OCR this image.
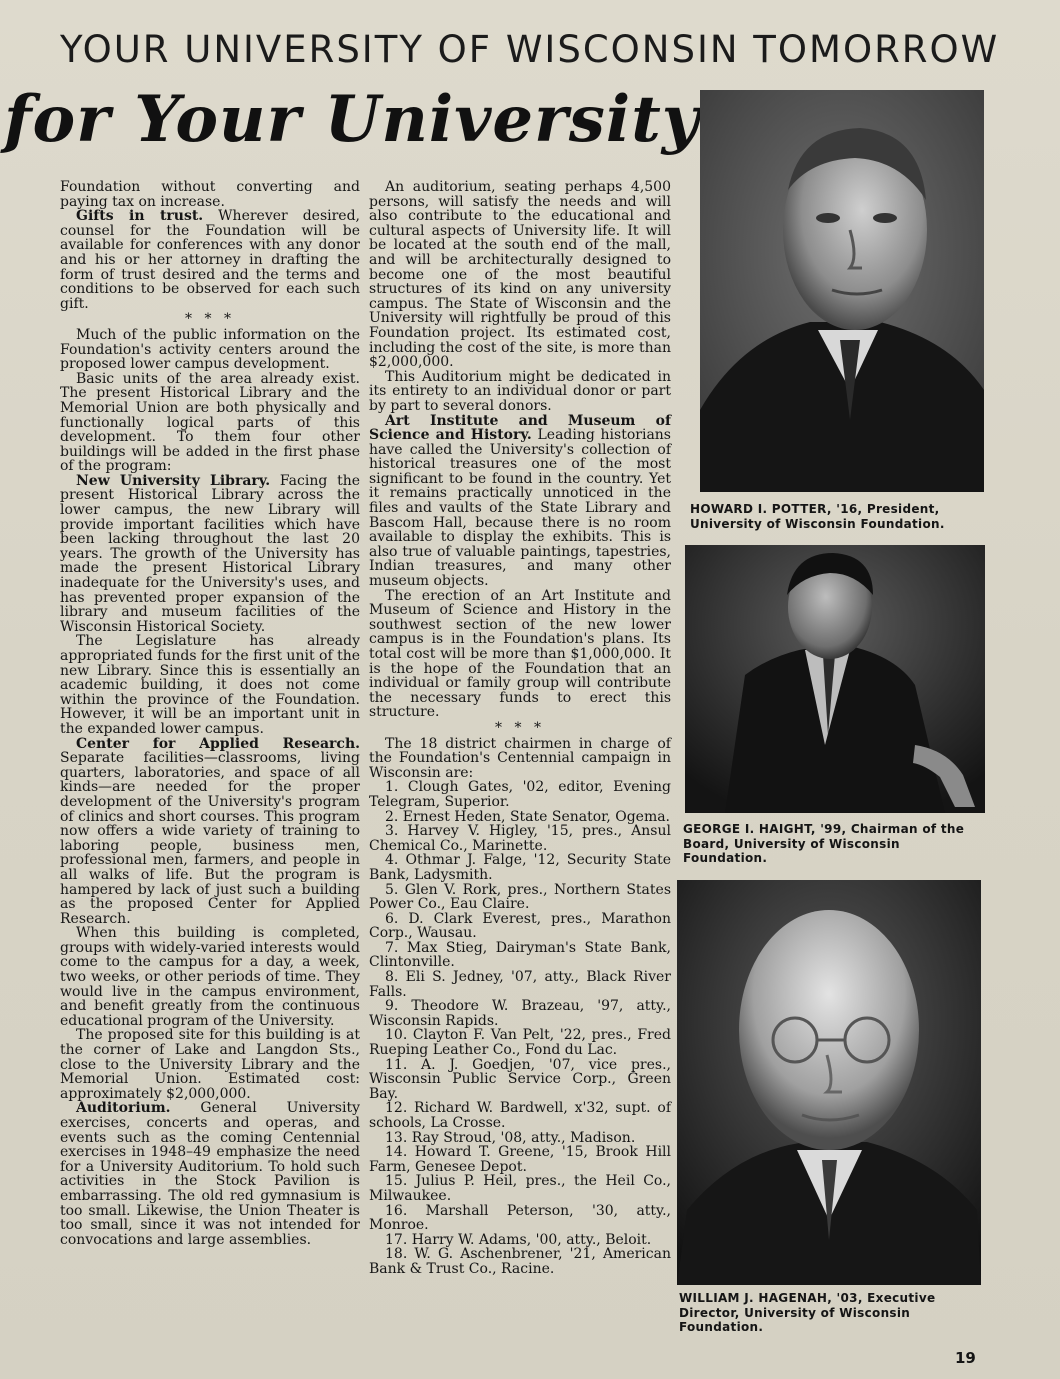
YOUR UNIVERSITY OF WISCONSIN TOMORROW
for Your University

Foundation without converting and paying tax on increase.

Gifts in trust. Wherever desired, counsel for the Foundation will be available for conferences with any donor and his or her attorney in drafting the form of trust desired and the terms and conditions to be observed for each such gift.

* * *

Much of the public information on the Foundation's activity centers around the proposed lower campus development.

Basic units of the area already exist. The present Historical Library and the Memorial Union are both physically and functionally logical parts of this development. To them four other buildings will be added in the first phase of the program:

New University Library. Facing the present Historical Library across the lower campus, the new Library will provide important facilities which have been lacking throughout the last 20 years. The growth of the University has made the present Historical Library inadequate for the University's uses, and has prevented proper expansion of the library and museum facilities of the Wisconsin Historical Society.

The Legislature has already appropriated funds for the first unit of the new Library. Since this is essentially an academic building, it does not come within the province of the Foundation. However, it will be an important unit in the expanded lower campus.

Center for Applied Research. Separate facilities—classrooms, living quarters, laboratories, and space of all kinds—are needed for the proper development of the University's program of clinics and short courses. This program now offers a wide variety of training to laboring people, business men, professional men, farmers, and people in all walks of life. But the program is hampered by lack of just such a building as the proposed Center for Applied Research.

When this building is completed, groups with widely-varied interests would come to the campus for a day, a week, two weeks, or other periods of time. They would live in the campus environment, and benefit greatly from the continuous educational program of the University.

The proposed site for this building is at the corner of Lake and Langdon Sts., close to the University Library and the Memorial Union. Estimated cost: approximately $2,000,000.

Auditorium. General University exercises, concerts and operas, and events such as the coming Centennial exercises in 1948–49 emphasize the need for a University Auditorium. To hold such activities in the Stock Pavilion is embarrassing. The old red gymnasium is too small. Likewise, the Union Theater is too small, since it was not intended for convocations and large assemblies.

An auditorium, seating perhaps 4,500 persons, will satisfy the needs and will also contribute to the educational and cultural aspects of University life. It will be located at the south end of the mall, and will be architecturally designed to become one of the most beautiful structures of its kind on any university campus. The State of Wisconsin and the University will rightfully be proud of this Foundation project. Its estimated cost, including the cost of the site, is more than $2,000,000.

This Auditorium might be dedicated in its entirety to an individual donor or part by part to several donors.

Art Institute and Museum of Science and History. Leading historians have called the University's collection of historical treasures one of the most significant to be found in the country. Yet it remains practically unnoticed in the files and vaults of the State Library and Bascom Hall, because there is no room available to display the exhibits. This is also true of valuable paintings, tapestries, Indian treasures, and many other museum objects.

The erection of an Art Institute and Museum of Science and History in the southwest section of the new lower campus is in the Foundation's plans. Its total cost will be more than $1,000,000. It is the hope of the Foundation that an individual or family group will contribute the necessary funds to erect this structure.

* * *

The 18 district chairmen in charge of the Foundation's Centennial campaign in Wisconsin are:

1. Clough Gates, '02, editor, Evening Telegram, Superior.

2. Ernest Heden, State Senator, Ogema.

3. Harvey V. Higley, '15, pres., Ansul Chemical Co., Marinette.

4. Othmar J. Falge, '12, Security State Bank, Ladysmith.

5. Glen V. Rork, pres., Northern States Power Co., Eau Claire.

6. D. Clark Everest, pres., Marathon Corp., Wausau.

7. Max Stieg, Dairyman's State Bank, Clintonville.

8. Eli S. Jedney, '07, atty., Black River Falls.

9. Theodore W. Brazeau, '97, atty., Wisconsin Rapids.

10. Clayton F. Van Pelt, '22, pres., Fred Rueping Leather Co., Fond du Lac.

11. A. J. Goedjen, '07, vice pres., Wisconsin Public Service Corp., Green Bay.

12. Richard W. Bardwell, x'32, supt. of schools, La Crosse.

13. Ray Stroud, '08, atty., Madison.

14. Howard T. Greene, '15, Brook Hill Farm, Genesee Depot.

15. Julius P. Heil, pres., the Heil Co., Milwaukee.

16. Marshall Peterson, '30, atty., Monroe.

17. Harry W. Adams, '00, atty., Beloit.

18. W. G. Aschenbrener, '21, American Bank & Trust Co., Racine.

HOWARD I. POTTER, '16, President, University of Wisconsin Foundation.
GEORGE I. HAIGHT, '99, Chairman of the Board, University of Wisconsin Foundation.
WILLIAM J. HAGENAH, '03, Executive Director, University of Wisconsin Foundation.
19
